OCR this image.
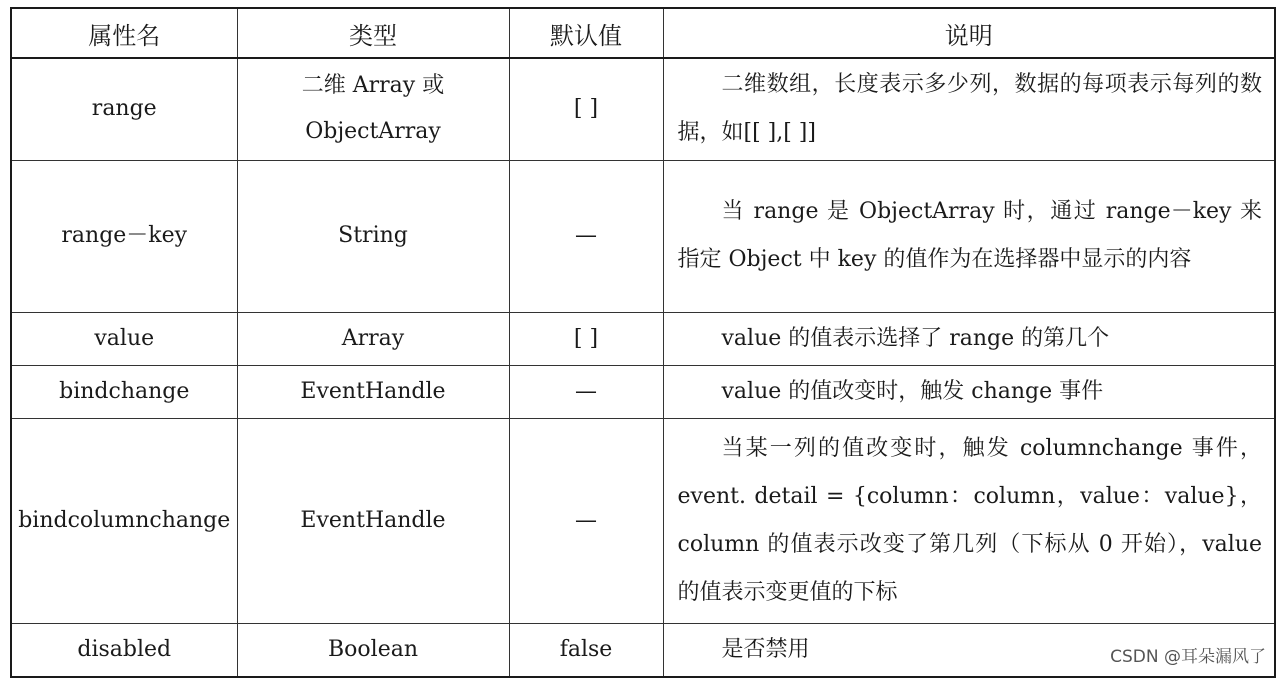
属性名	类型	默认值	说明
range	二维 Array 或 ObjectArray	[ ]	二维数组，长度表示多少列，数据的每项表示每列的数据，如[[ ],[ ]]

range－key	String	—	当 range 是 ObjectArray 时，通过 range－key 来指定 Object 中 key 的值作为在选择器中显示的内容

value	Array	[ ]	value 的值表示选择了 range 的第几个

bindchange	EventHandle	—	value 的值改变时，触发 change 事件

bindcolumnchange	EventHandle	—	当某一列的值改变时，触发 columnchange 事件，event. detail = {column：column，value：value}，column 的值表示改变了第几列（下标从 0 开始），value 的值表示变更值的下标

disabled	Boolean	false	是否禁用	CSDN @耳朵漏风了
